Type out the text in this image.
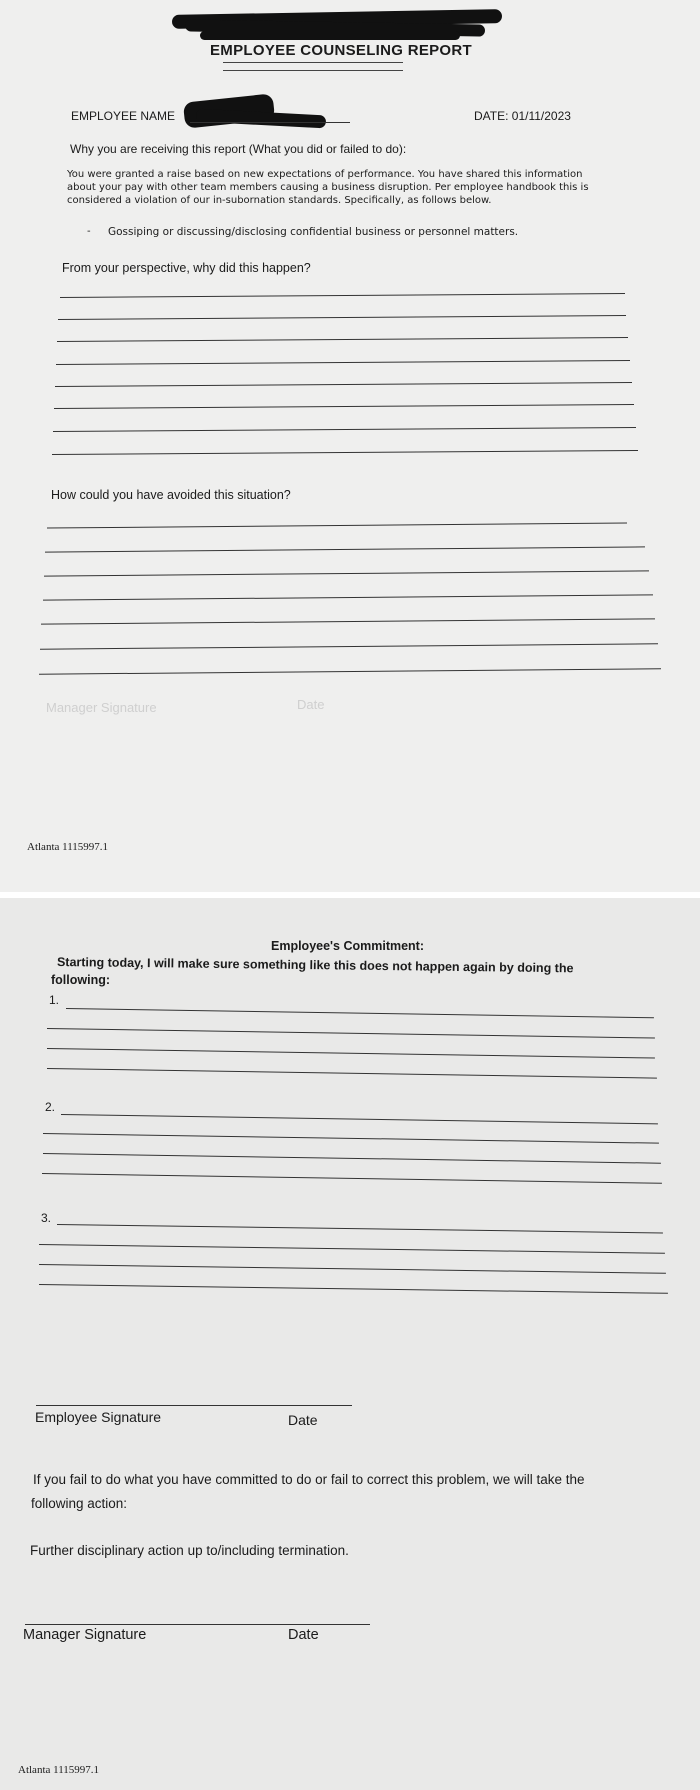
EMPLOYEE COUNSELING REPORT
EMPLOYEE NAME	DATE: 01/11/2023
Why you are receiving this report (What you did or failed to do):
You were granted a raise based on new expectations of performance. You have shared this information
about your pay with other team members causing a business disruption. Per employee handbook this is
considered a violation of our in-subornation standards. Specifically, as follows below.
- Gossiping or discussing/disclosing confidential business or personnel matters.
From your perspective, why did this happen?
How could you have avoided this situation?
Manager Signature	Date
Atlanta 1115997.1
Employee's Commitment:
Starting today, I will make sure something like this does not happen again by doing the
following:
1.
2.
3.
Employee Signature	Date
If you fail to do what you have committed to do or fail to correct this problem, we will take the
following action:
Further disciplinary action up to/including termination.
Manager Signature	Date
Atlanta 1115997.1
